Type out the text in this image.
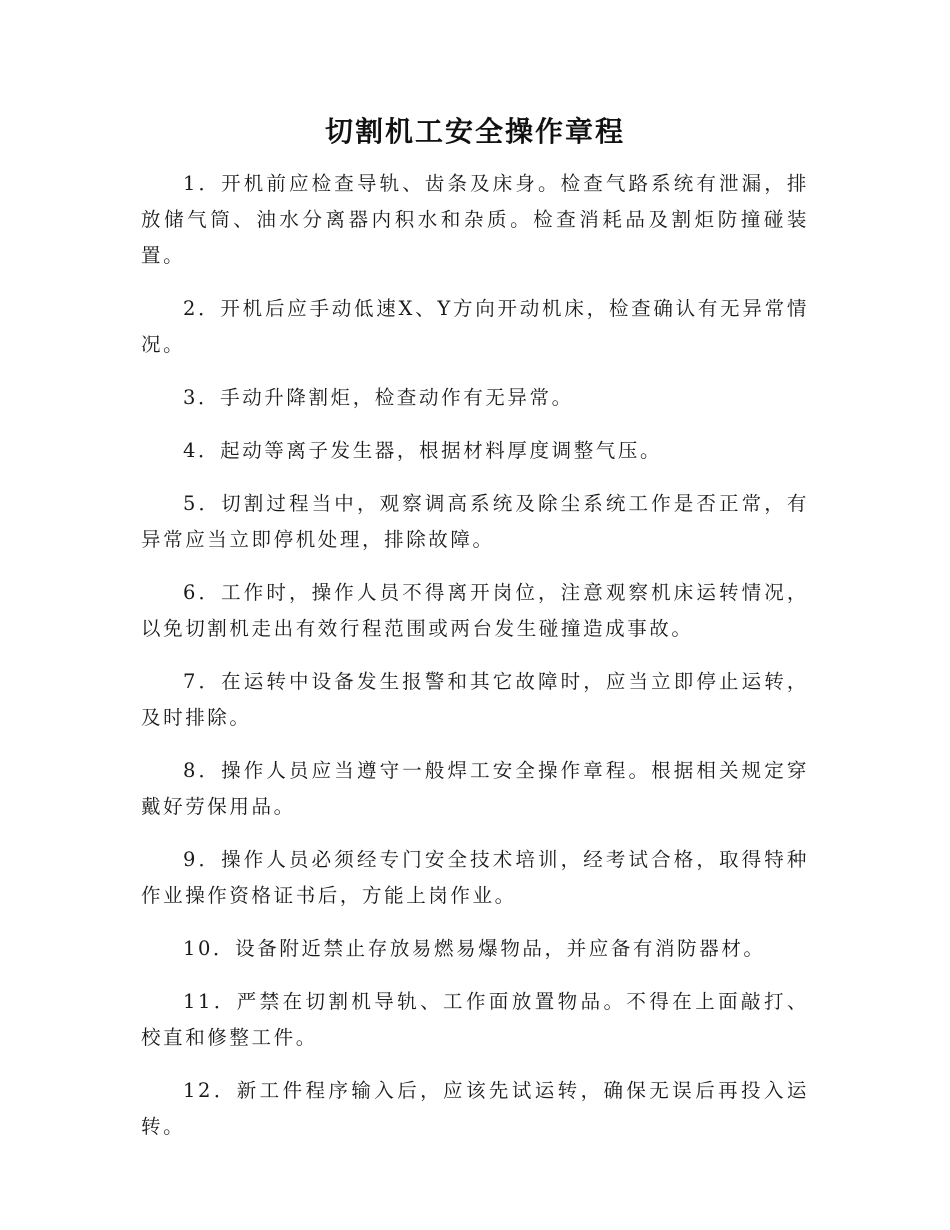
切割机工安全操作章程

1．开机前应检查导轨、齿条及床身。检查气路系统有泄漏，排放储气筒、油水分离器内积水和杂质。检查消耗品及割炬防撞碰装置。

2．开机后应手动低速X、Y方向开动机床，检查确认有无异常情况。

3．手动升降割炬，检查动作有无异常。

4．起动等离子发生器，根据材料厚度调整气压。

5．切割过程当中，观察调高系统及除尘系统工作是否正常，有异常应当立即停机处理，排除故障。

6．工作时，操作人员不得离开岗位，注意观察机床运转情况，以免切割机走出有效行程范围或两台发生碰撞造成事故。

7．在运转中设备发生报警和其它故障时，应当立即停止运转，及时排除。

8．操作人员应当遵守一般焊工安全操作章程。根据相关规定穿戴好劳保用品。

9．操作人员必须经专门安全技术培训，经考试合格，取得特种作业操作资格证书后，方能上岗作业。

10．设备附近禁止存放易燃易爆物品，并应备有消防器材。

11．严禁在切割机导轨、工作面放置物品。不得在上面敲打、校直和修整工件。

12．新工件程序输入后，应该先试运转，确保无误后再投入运转。
